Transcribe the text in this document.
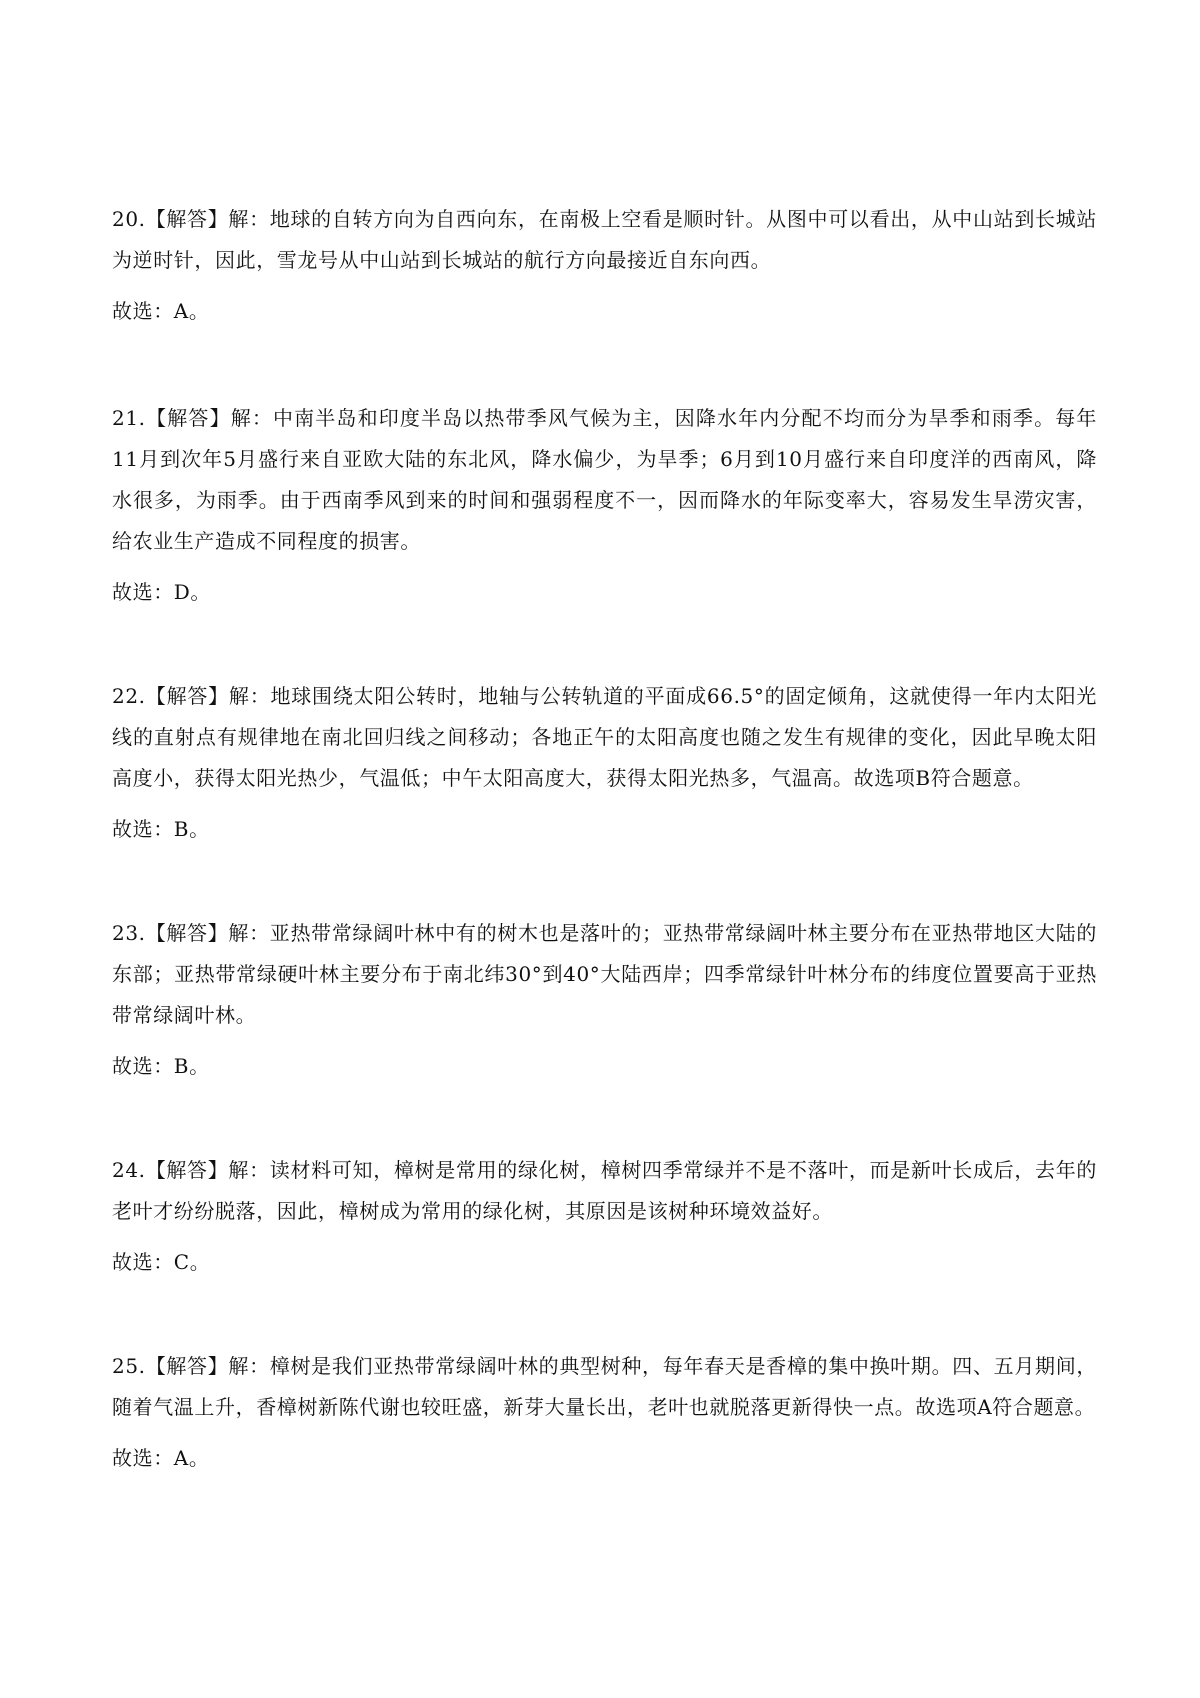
20.【解答】解：地球的自转方向为自西向东，在南极上空看是顺时针。从图中可以看出，从中山站到长城站为逆时针，因此，雪龙号从中山站到长城站的航行方向最接近自东向西。

故选：A。

21.【解答】解：中南半岛和印度半岛以热带季风气候为主，因降水年内分配不均而分为旱季和雨季。每年11月到次年5月盛行来自亚欧大陆的东北风，降水偏少，为旱季；6月到10月盛行来自印度洋的西南风，降水很多，为雨季。由于西南季风到来的时间和强弱程度不一，因而降水的年际变率大，容易发生旱涝灾害，给农业生产造成不同程度的损害。

故选：D。

22.【解答】解：地球围绕太阳公转时，地轴与公转轨道的平面成66.5°的固定倾角，这就使得一年内太阳光线的直射点有规律地在南北回归线之间移动；各地正午的太阳高度也随之发生有规律的变化，因此早晚太阳高度小，获得太阳光热少，气温低；中午太阳高度大，获得太阳光热多，气温高。故选项B符合题意。

故选：B。

23.【解答】解：亚热带常绿阔叶林中有的树木也是落叶的；亚热带常绿阔叶林主要分布在亚热带地区大陆的东部；亚热带常绿硬叶林主要分布于南北纬30°到40°大陆西岸；四季常绿针叶林分布的纬度位置要高于亚热带常绿阔叶林。

故选：B。

24.【解答】解：读材料可知，樟树是常用的绿化树，樟树四季常绿并不是不落叶，而是新叶长成后，去年的老叶才纷纷脱落，因此，樟树成为常用的绿化树，其原因是该树种环境效益好。

故选：C。

25.【解答】解：樟树是我们亚热带常绿阔叶林的典型树种，每年春天是香樟的集中换叶期。四、五月期间，随着气温上升，香樟树新陈代谢也较旺盛，新芽大量长出，老叶也就脱落更新得快一点。故选项A符合题意。

故选：A。
